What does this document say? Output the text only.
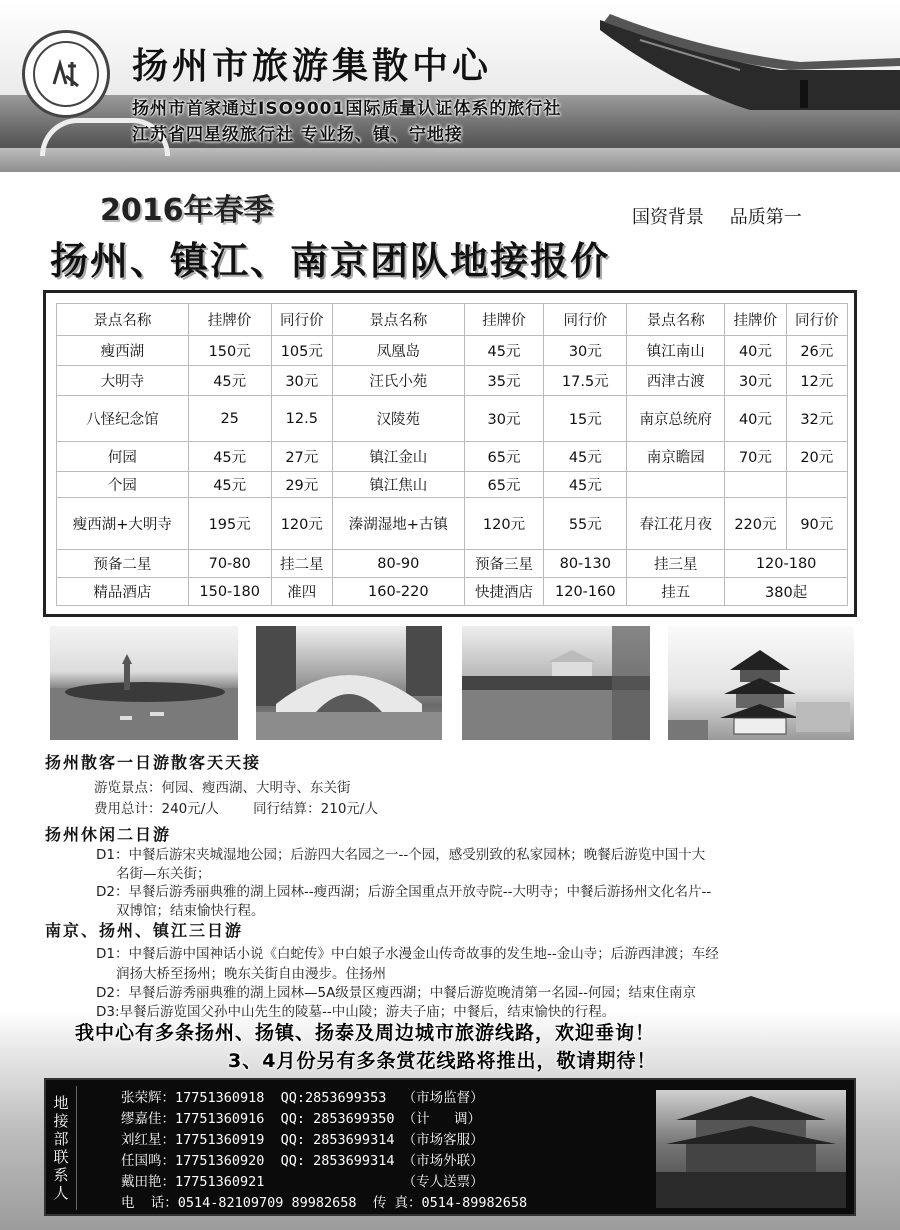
扬州市旅游集散中心
扬州市首家通过ISO9001国际质量认证体系的旅行社
江苏省四星级旅行社 专业扬、镇、宁地接
2016年春季	国资背景 品质第一
扬州、镇江、南京团队地接报价
景点名称	挂牌价	同行价	景点名称	挂牌价	同行价	景点名称	挂牌价	同行价
瘦西湖	150元	105元	凤凰岛	45元	30元	镇江南山	40元	26元
大明寺	45元	30元	汪氏小苑	35元	17.5元	西津古渡	30元	12元
八怪纪念馆	25	12.5	汉陵苑	30元	15元	南京总统府	40元	32元
何园	45元	27元	镇江金山	65元	45元	南京瞻园	70元	20元
个园	45元	29元	镇江焦山	65元	45元			
瘦西湖+大明寺	195元	120元	溱湖湿地+古镇	120元	55元	春江花月夜	220元	90元
预备二星	70-80	挂二星	80-90	预备三星	80-130	挂三星	120-180	
精品酒店	150-180	准四	160-220	快捷酒店	120-160	挂五	380起	
扬州散客一日游散客天天接
游览景点：何园、瘦西湖、大明寺、东关街
费用总计：240元/人        同行结算：210元/人
扬州休闲二日游
D1：中餐后游宋夹城湿地公园；后游四大名园之一--个园，感受别致的私家园林；晚餐后游览中国十大
名街—东关街；
D2：早餐后游秀丽典雅的湖上园林--瘦西湖；后游全国重点开放寺院--大明寺；中餐后游扬州文化名片--
双博馆；结束愉快行程。
南京、扬州、镇江三日游
D1：中餐后游中国神话小说《白蛇传》中白娘子水漫金山传奇故事的发生地--金山寺；后游西津渡；车经
润扬大桥至扬州；晚东关街自由漫步。住扬州
D2：早餐后游秀丽典雅的湖上园林—5A级景区瘦西湖；中餐后游览晚清第一名园--何园；结束住南京
D3:早餐后游览国父孙中山先生的陵墓--中山陵；游夫子庙；中餐后，结束愉快的行程。
我中心有多条扬州、扬镇、扬泰及周边城市旅游线路，欢迎垂询！
3、4月份另有多条赏花线路将推出，敬请期待！
地接部联系人
张荣辉：17751360918  QQ:2853699353  （市场监督）
缪嘉佳：17751360916  QQ: 2853699350 （计   调）
刘红星：17751360919  QQ: 2853699314 （市场客服）
任国鸣：17751360920  QQ: 2853699314 （市场外联）
戴田艳：17751360921                 （专人送票）
电  话：0514-82109709 89982658  传 真：0514-89982658
